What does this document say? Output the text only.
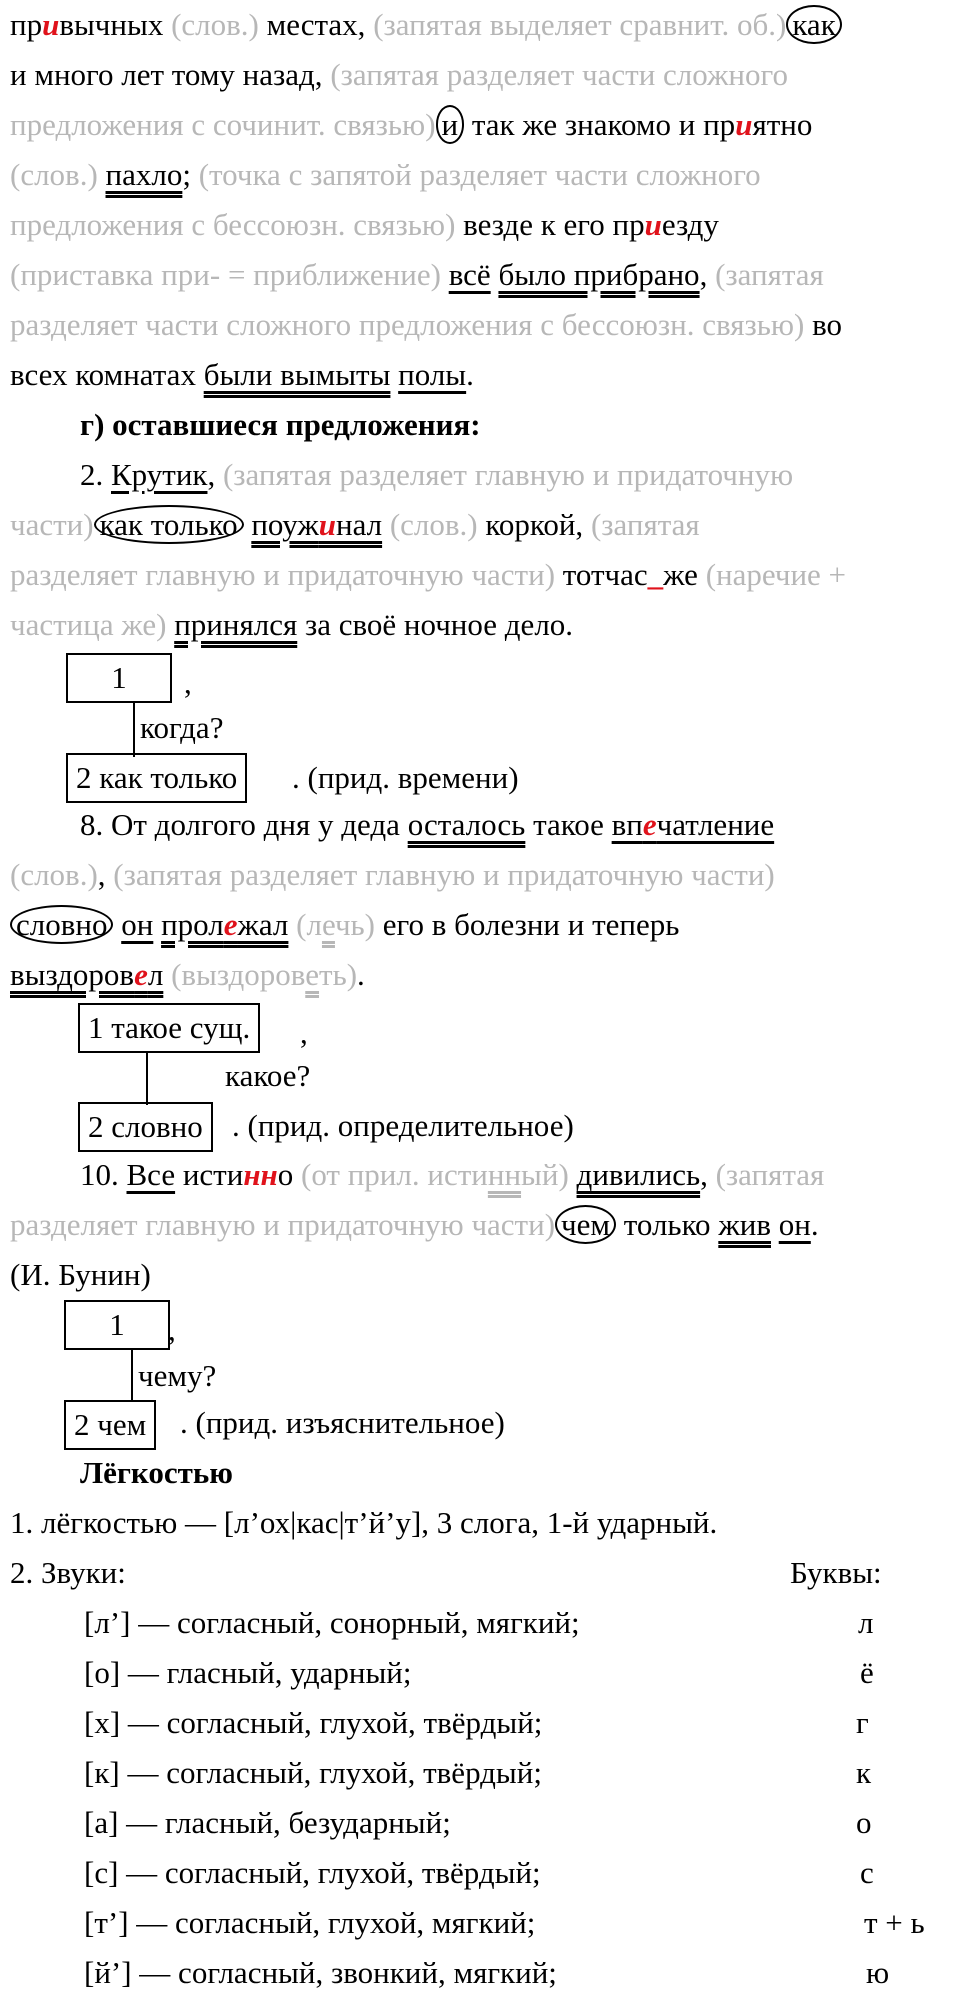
привычных (слов.) местах, (запятая выделяет сравнит. об.) как
и много лет тому назад, (запятая разделяет части сложного
предложения с сочинит. связью) и так же знакомо и приятно
(слов.) пахло; (точка с запятой разделяет части сложного
предложения с бессоюзн. связью) везде к его приезду
(приставка при- = приближение) всё было прибрано, (запятая
разделяет части сложного предложения с бессоюзн. связью) во
всех комнатах были вымыты полы.
г) оставшиеся предложения:
2. Крутик, (запятая разделяет главную и придаточную
части) как только поужинал (слов.) коркой, (запятая
разделяет главную и придаточную части) тотчас_же (наречие +
частица же) принялся за своё ночное дело.
1	,
когда?
2 как только	. (прид. времени)
8. От долгого дня у деда осталось такое впечатление
(слов.), (запятая разделяет главную и придаточную части)
словно он пролежал (лечь) его в болезни и теперь
выздоровел (выздороветь).
1 такое сущ.	,
какое?
2 словно . (прид. определительное)
10. Все истинно (от прил. истинный) дивились, (запятая
разделяет главную и придаточную части) чем только жив он.
(И. Бунин)
1	,
чему?
2 чем	. (прид. изъяснительное)
Лёгкостью
1. лёгкостью — [л’ох|кас|т’й’у], 3 слога, 1-й ударный.
2. Звуки:	Буквы:
[л’] — согласный, сонорный, мягкий;	л
[о] — гласный, ударный;	ё
[х] — согласный, глухой, твёрдый;	г
[к] — согласный, глухой, твёрдый;	к
[а] — гласный, безударный;	о
[с] — согласный, глухой, твёрдый;	с
[т’] — согласный, глухой, мягкий;	т + ь
[й’] — согласный, звонкий, мягкий;	ю
